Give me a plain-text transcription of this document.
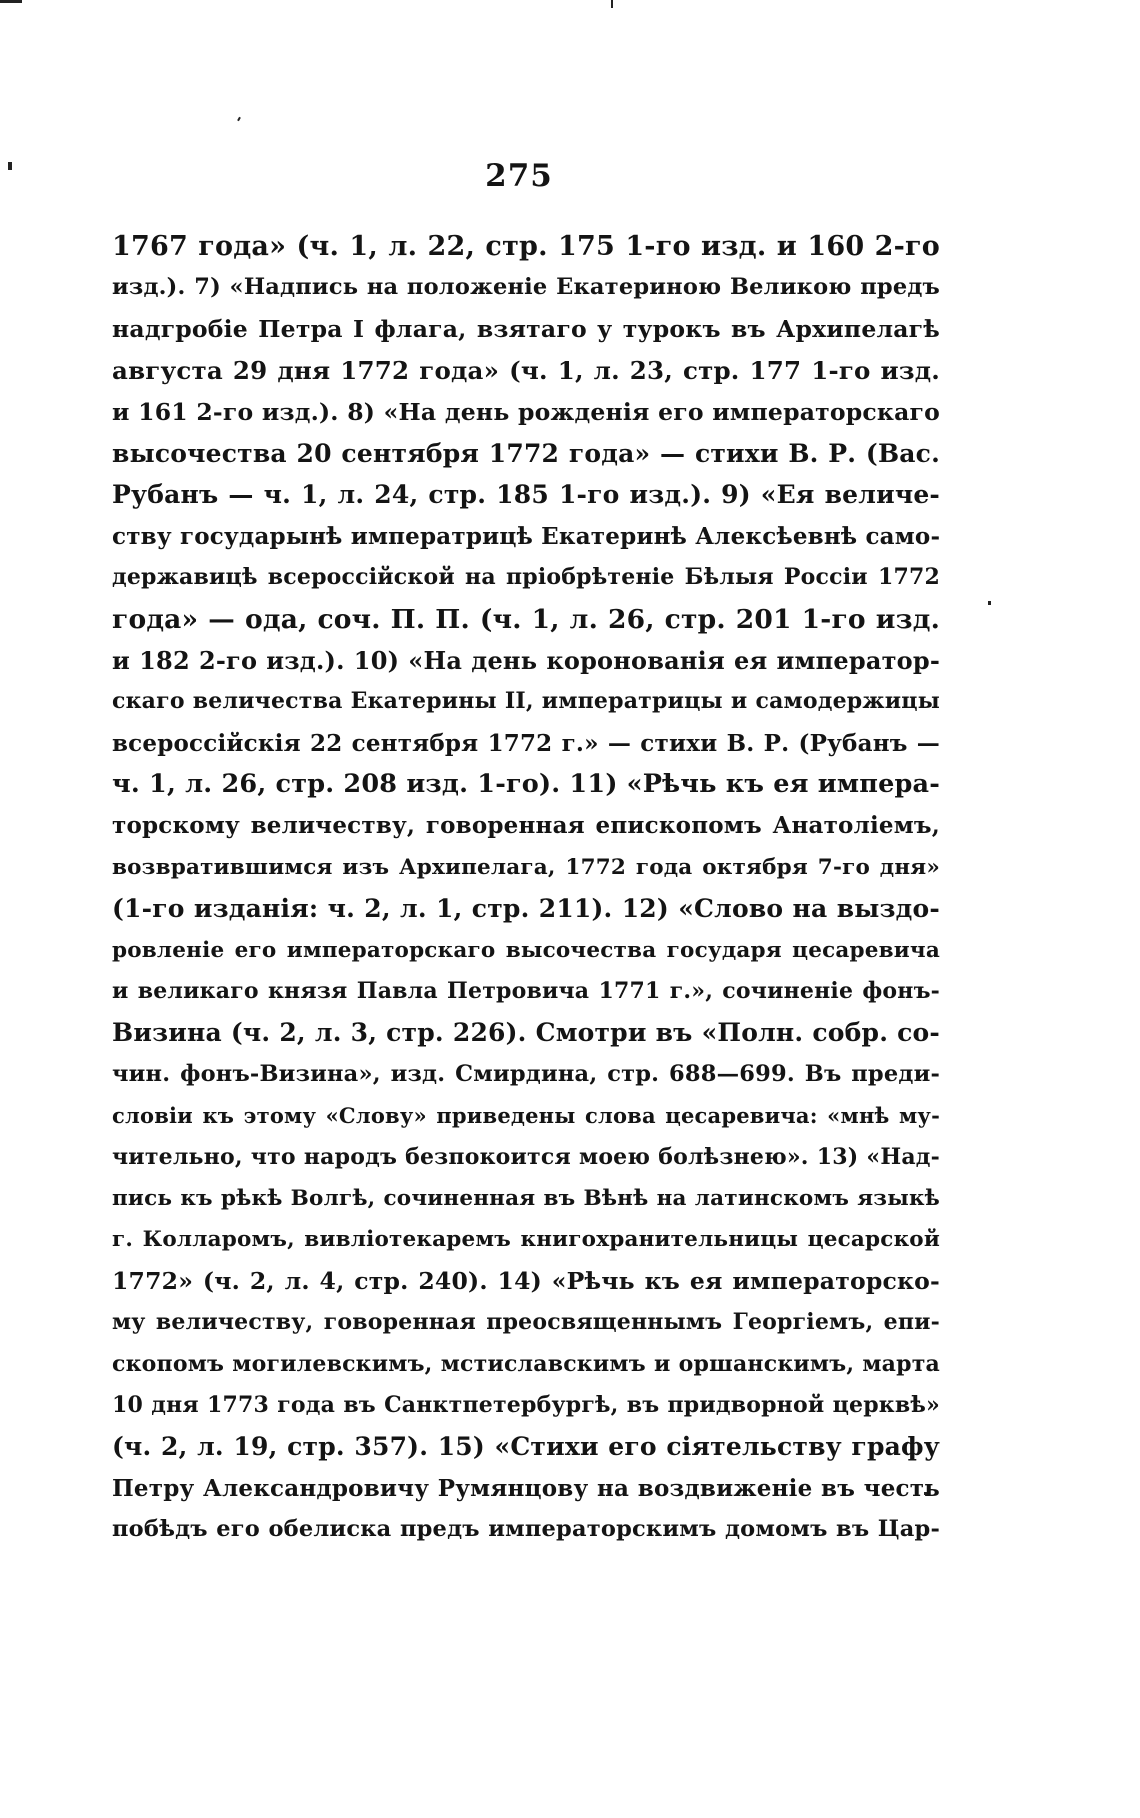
275
1767 года» (ч. 1, л. 22, стр. 175 1-го изд. и 160 2-го
изд.). 7) «Надпись на положеніе Екатериною Великою предъ
надгробіе Петра I флага, взятаго у турокъ въ Архипелагѣ
августа 29 дня 1772 года» (ч. 1, л. 23, стр. 177 1-го изд.
и 161 2-го изд.). 8) «На день рожденія его императорскаго
высочества 20 сентября 1772 года» — стихи В. Р. (Вас.
Рубанъ — ч. 1, л. 24, стр. 185 1-го изд.). 9) «Ея величе-
ству государынѣ императрицѣ Екатеринѣ Алексѣевнѣ само-
державицѣ всероссійской на пріобрѣтеніе Бѣлыя Россіи 1772
года» — ода, соч. П. П. (ч. 1, л. 26, стр. 201 1-го изд.
и 182 2-го изд.). 10) «На день коронованія ея император-
скаго величества Екатерины II, императрицы и самодержицы
всероссійскія 22 сентября 1772 г.» — стихи В. Р. (Рубанъ —
ч. 1, л. 26, стр. 208 изд. 1-го). 11) «Рѣчь къ ея импера-
торскому величеству, говоренная епископомъ Анатоліемъ,
возвратившимся изъ Архипелага, 1772 года октября 7-го дня»
(1-го изданія: ч. 2, л. 1, стр. 211). 12) «Слово на выздо-
ровленіе его императорскаго высочества государя цесаревича
и великаго князя Павла Петровича 1771 г.», сочиненіе фонъ-
Визина (ч. 2, л. 3, стр. 226). Смотри въ «Полн. собр. со-
чин. фонъ-Визина», изд. Смирдина, стр. 688—699. Въ преди-
словіи къ этому «Слову» приведены слова цесаревича: «мнѣ му-
чительно, что народъ безпокоится моею болѣзнею». 13) «Над-
пись къ рѣкѣ Волгѣ, сочиненная въ Вѣнѣ на латинскомъ языкѣ
г. Колларомъ, вивліотекаремъ книгохранительницы цесарской
1772» (ч. 2, л. 4, стр. 240). 14) «Рѣчь къ ея императорско-
му величеству, говоренная преосвященнымъ Георгіемъ, епи-
скопомъ могилевскимъ, мстиславскимъ и оршанскимъ, марта
10 дня 1773 года въ Санктпетербургѣ, въ придворной церквѣ»
(ч. 2, л. 19, стр. 357). 15) «Стихи его сіятельству графу
Петру Александровичу Румянцову на воздвиженіе въ честь
побѣдъ его обелиска предъ императорскимъ домомъ въ Цар-
